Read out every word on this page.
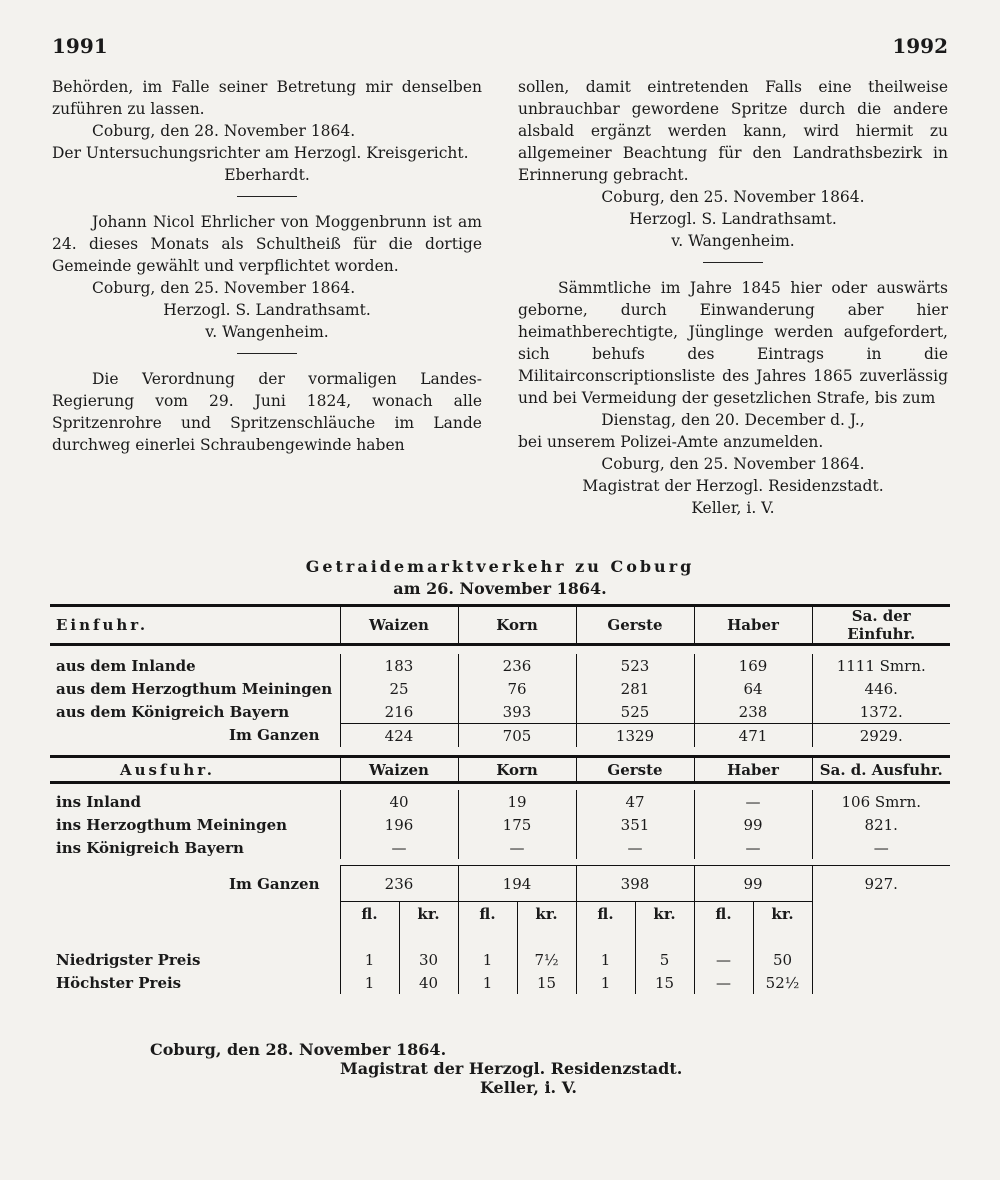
1991	1992

Behörden, im Falle seiner Betretung mir denselben zuführen zu lassen.

Coburg, den 28. November 1864.

Der Untersuchungsrichter am Herzogl. Kreisgericht.

Eberhardt.

Johann Nicol Ehrlicher von Moggenbrunn ist am 24. dieses Monats als Schultheiß für die dortige Gemeinde gewählt und verpflichtet worden.

Coburg, den 25. November 1864.

Herzogl. S. Landrathsamt.

v. Wangenheim.

Die Verordnung der vormaligen Landes-Regierung vom 29. Juni 1824, wonach alle Spritzenrohre und Spritzenschläuche im Lande durchweg einerlei Schraubengewinde haben

sollen, damit eintretenden Falls eine theilweise unbrauchbar gewordene Spritze durch die andere alsbald ergänzt werden kann, wird hiermit zu allgemeiner Beachtung für den Landrathsbezirk in Erinnerung gebracht.

Coburg, den 25. November 1864.

Herzogl. S. Landrathsamt.

v. Wangenheim.

Sämmtliche im Jahre 1845 hier oder auswärts geborne, durch Einwanderung aber hier heimathberechtigte, Jünglinge werden aufgefordert, sich behufs des Eintrags in die Militairconscriptionsliste des Jahres 1865 zuverlässig und bei Vermeidung der gesetzlichen Strafe, bis zum

Dienstag, den 20. December d. J.,

bei unserem Polizei-Amte anzumelden.

Coburg, den 25. November 1864.

Magistrat der Herzogl. Residenzstadt.

Keller, i. V.

Getraidemarktverkehr zu Coburg
am 26. November 1864.
Einfuhr.	Waizen		Korn		Gerste		Haber		Sa. der Einfuhr.

aus dem Inlande	183		236		523		169		1111 Smrn.
aus dem Herzogthum Meiningen	25		76		281		64		446.
aus dem Königreich Bayern	216		393		525		238		1372.
Im Ganzen	424		705		1329		471		2929.

Ausfuhr.	Waizen		Korn		Gerste		Haber		Sa. d. Ausfuhr.

ins Inland	40		19		47		—		106 Smrn.
ins Herzogthum Meiningen	196		175		351		99		821.
ins Königreich Bayern	—		—		—		—		—

Im Ganzen	236		194		398		99		927.
	fl.	kr.	fl.	kr.	fl.	kr.	fl.	kr.	

Niedrigster Preis	1	30	1	7½	1	5	—	50	
Höchster Preis	1	40	1	15	1	15	—	52½	
Coburg, den 28. November 1864.
Magistrat der Herzogl. Residenzstadt.
Keller, i. V.
